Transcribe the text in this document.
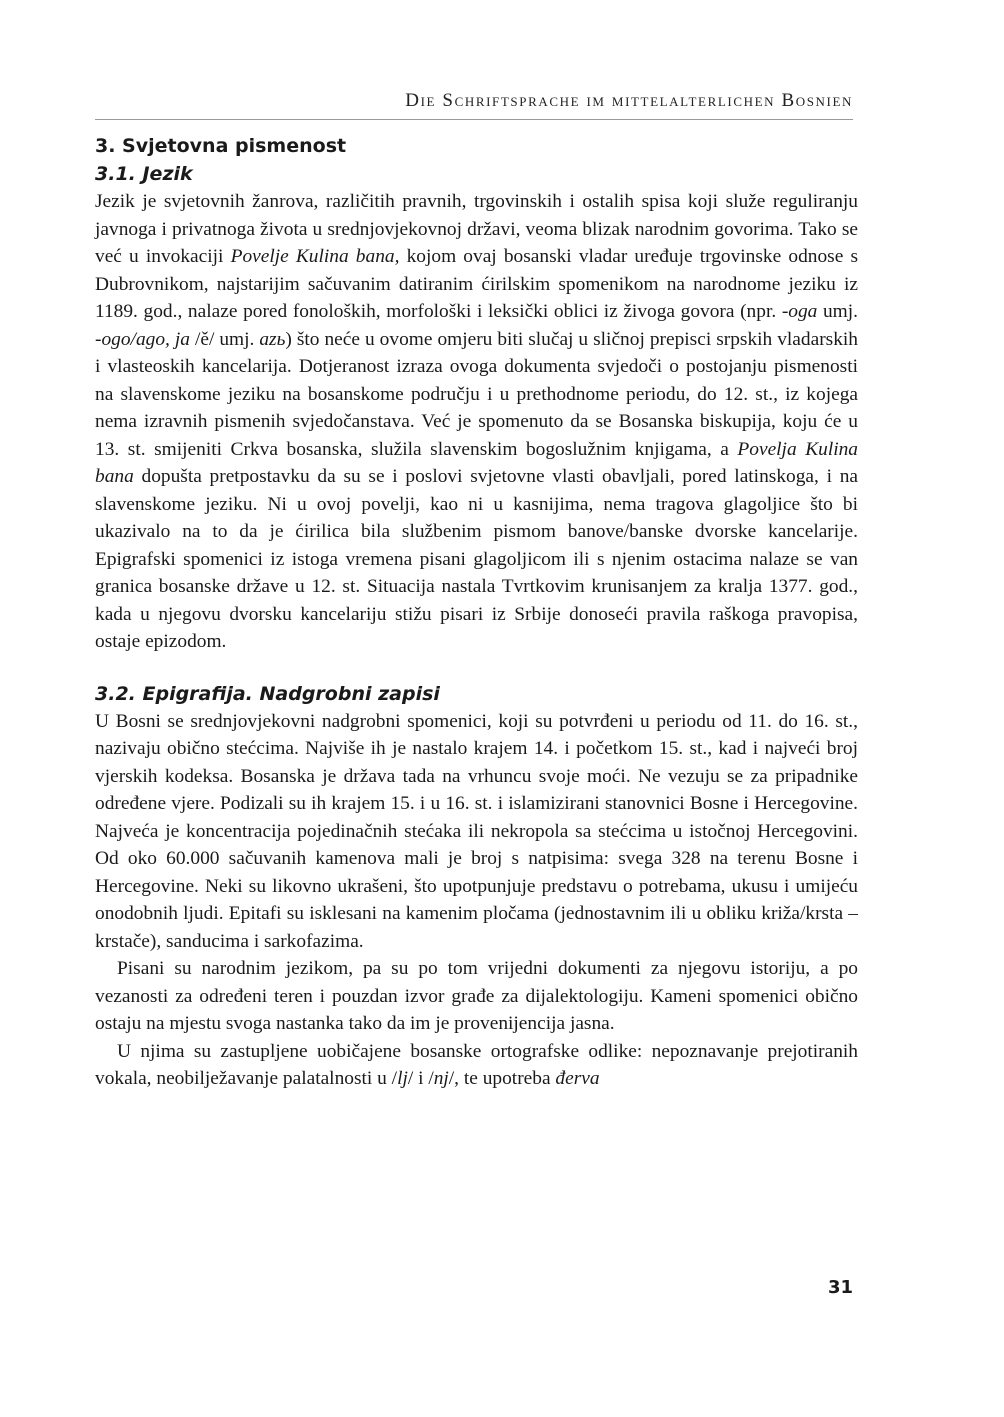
Die Schriftsprache im mittelalterlichen Bosnien
3. Svjetovna pismenost
3.1. Jezik

Jezik je svjetovnih žanrova, različitih pravnih, trgovinskih i ostalih spisa koji služe reguliranju javnoga i privatnoga života u srednjovjekovnoj državi, veoma blizak narodnim govorima. Tako se već u invokaciji Povelje Kulina bana, kojom ovaj bosanski vladar uređuje trgovinske odnose s Dubrovnikom, najstarijim sačuvanim datiranim ćirilskim spomenikom na narodnome jeziku iz 1189. god., nalaze pored fonoloških, morfološki i leksički oblici iz živoga govora (npr. -oga umj. -ogo/ago, ja /ě/ umj. azь) što neće u ovome omjeru biti slučaj u sličnoj prepisci srpskih vladarskih i vlasteoskih kancelarija. Dotjeranost izraza ovoga dokumenta svjedoči o postojanju pismenosti na slavenskome jeziku na bosanskome području i u prethodnome periodu, do 12. st., iz kojega nema izravnih pismenih svjedočanstava. Već je spomenuto da se Bosanska biskupija, koju će u 13. st. smijeniti Crkva bosanska, služila slavenskim bogoslužnim knjigama, a Povelja Kulina bana dopušta pretpostavku da su se i poslovi svjetovne vlasti obavljali, pored latinskoga, i na slavenskome jeziku. Ni u ovoj povelji, kao ni u kasnijima, nema tragova glagoljice što bi ukazivalo na to da je ćirilica bila službenim pismom banove/banske dvorske kancelarije. Epigrafski spomenici iz istoga vremena pisani glagoljicom ili s njenim ostacima nalaze se van granica bosanske države u 12. st. Situacija nastala Tvrtkovim krunisanjem za kralja 1377. god., kada u njegovu dvorsku kancelariju stižu pisari iz Srbije donoseći pravila raškoga pravopisa, ostaje epizodom.

3.2. Epigrafija. Nadgrobni zapisi

U Bosni se srednjovjekovni nadgrobni spomenici, koji su potvrđeni u periodu od 11. do 16. st., nazivaju obično stećcima. Najviše ih je nastalo krajem 14. i početkom 15. st., kad i najveći broj vjerskih kodeksa. Bosanska je država tada na vrhuncu svoje moći. Ne vezuju se za pripadnike određene vjere. Podizali su ih krajem 15. i u 16. st. i islamizirani stanovnici Bosne i Hercegovine. Najveća je koncentracija pojedinačnih stećaka ili nekropola sa stećcima u istočnoj Hercegovini. Od oko 60.000 sačuvanih kamenova mali je broj s natpisima: svega 328 na terenu Bosne i Hercegovine. Neki su likovno ukrašeni, što upotpunjuje predstavu o potrebama, ukusu i umijeću onodobnih ljudi. Epitafi su isklesani na kamenim pločama (jednostavnim ili u obliku križa/krsta – krstače), sanducima i sarkofazima.

Pisani su narodnim jezikom, pa su po tom vrijedni dokumenti za njegovu istoriju, a po vezanosti za određeni teren i pouzdan izvor građe za dijalektologiju. Kameni spomenici obično ostaju na mjestu svoga nastanka tako da im je provenijencija jasna.

U njima su zastupljene uobičajene bosanske ortografske odlike: nepoznavanje prejotiranih vokala, neobilježavanje palatalnosti u /lj/ i /nj/, te upotreba đerva

31
